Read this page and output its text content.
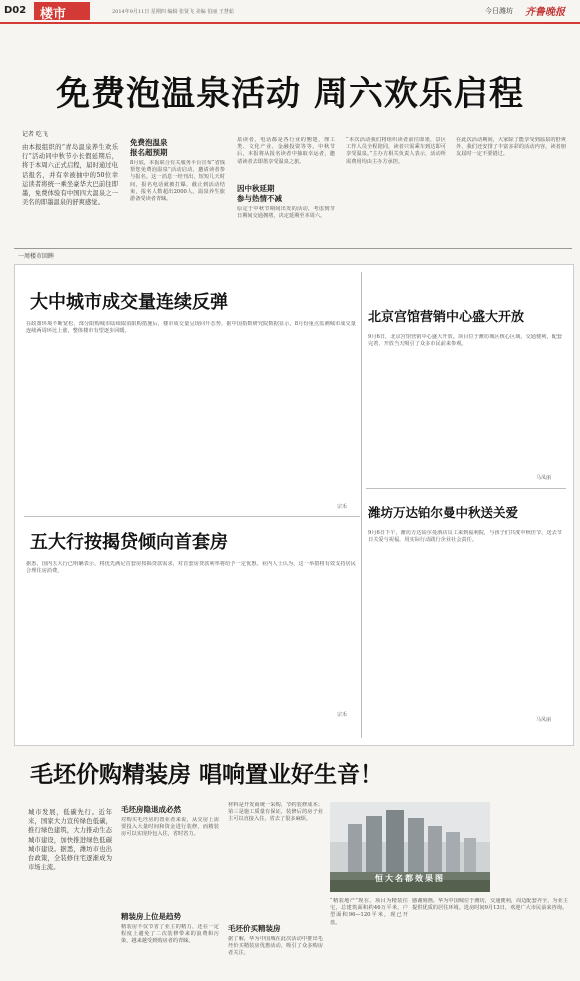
D02 楼市	2014年9月11日 星期四 编辑 张贤飞 美编 伯丽 王慧茹	今日潍坊 齐鲁晚报
免费泡温泉活动 周六欢乐启程
记者 吃飞
由本报组织的“青岛温泉养生欢乐行”活动同中秋节小长假延期后，将于本周六正式启程，届时通过电话报名，并有幸被抽中的50位幸运读者将统一乘坐豪华大巴前往即墨，免费体验有中国四大温泉之一美名的即墨温泉的舒爽感觉。
免费泡温泉
报名超预期
8月底，本报联合有关服务平台宣布“省钱帮您免费泡温泉”活动启动，邀请读者参与报名。这一消息一经刊出，短短几天时间，报名电话就被打爆，截止到活动结束，报名人数超出2000人。温泉养生旅游备受读者青睐。
泉读者，电话都是各行业的翘楚，理工类、文化产业、金融投资等等。中秋节后，本报将从报名读者中抽取幸运者，邀请读者去即墨享受温泉之旅。
因中秋延期
参与热情不减
原定于中秋节期间出发的活动，考虑到节日期间交通拥堵，决定延期至本周六。
“本次活动我们将组织读者前往即墨，景区工作人员全程陪同，读者只需乘车到达即可享受温泉。”主办方相关负责人表示，活动所需费用均由主办方承担。
在此次活动期间，大家除了能享受到温泉的舒爽外，我们还安排了丰富多彩的活动内容，读者朋友届时一定不要错过。
一周楼市回眸
大中城市成交量连续反弹
在政策环境不断宽松，部分限购城市陆续取消限购措施后，楼市成交量呈现回升态势。据中国指数研究院数据显示，8月份重点监测城市成交量连续两周环比上涨，整体楼市有望逐步回暖。
宗禾
北京宫馆营销中心盛大开放
9月6日，北京宫馆营销中心盛大开放。项目位于潍坊城区核心区域，交通便利，配套完善，开放当天吸引了众多市民前来参观。
马凤丽
五大行按揭贷倾向首套房
据悉，国内五大行已明确表示，将优先满足首套房按揭贷款需求，对首套房贷款利率将给予一定优惠。业内人士认为，这一举措将有效支持居民合理住房消费。
宗禾
潍坊万达铂尔曼中秋送关爱
9月6日下午，潍坊万达铂尔曼酒店员工来到福利院，与孩子们共度中秋佳节，送去节日关爱与祝福，用实际行动践行企业社会责任。
马凤丽
毛坯价购精装房 唱响置业好生音！
城市发展，低碳先行。近年来，国家大力宣传绿色低碳，推行绿色建筑，大力推动生态城市建设，加快推进绿色低碳城市建设。据悉，潍坊市也出台政策，全装修住宅逐渐成为市场主流。
毛坯房隐退成必然
对购买毛坯房的置业者来说，从交房上需要投入大量时间和资金进行装修，而精装房可以实现拎包入住，省时省力。
精装房上位是趋势
精装房不仅节省了业主的精力，还在一定程度上避免了二次装修带来的浪费和污染，越来越受到购房者的青睐。
材料是开发商统一采购，节约装修成本；第三是施工质量有保证，装修后的房子业主可以直接入住，省去了很多麻烦。
毛坯价买精装房
据了解，华为中国城在此次活动中推出毛坯价买精装房优惠活动，吸引了众多购房者关注。
恒大名都效果图
“精装地产”现在，项目为精装住宅，总建筑面积约46万平米，户型面积96—120平米，现已开盘。
感谢刻画。华为中国城位于潍坊，交通便利，周边配套齐全，为业主提供优质的居住环境。选房时间9月13日，欢迎广大市民前来咨询。
